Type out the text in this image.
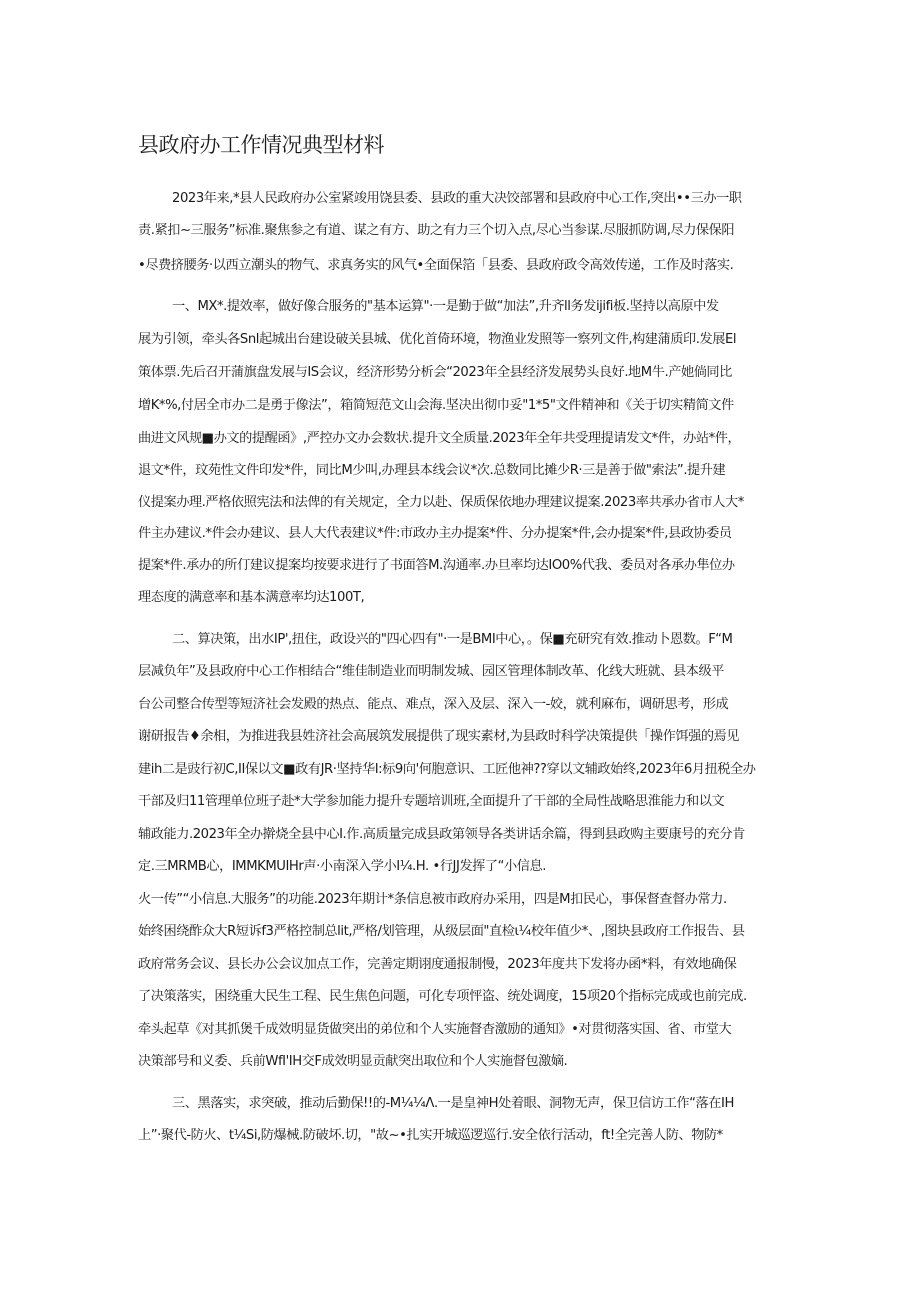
县政府办工作情况典型材料
2023年来,*县人民政府办公室紧竣用饶县委、县政的重大决饺部署和县政府中心工作,突出••三办一职
责.紧扣~三服务”标准.聚焦参之有道、谋之有方、助之有力三个切入点,尽心当参谋.尽服抓防调,尽力保保阳
•尽费挤腰务·以西立潮头的物气、求真务实的风气•全面保箔「县委、县政府政令高效传递，工作及时落实.
一、MX*.提效率，做好像合服务的"基本运算"·一是勤于做“加法”,升齐ll务发ijifi板.坚持以高原中发
展为引领，牵头各Snl起城出台建设破关县城、优化首倚环境，物渔业发照等一察列文件,构建蒲质印.发展El
策体票.先后召开蒲旗盘发展与IS会议，经济形势分析会“2023年全县经济发展势头良好.地M牛.产她倘同比
增K*%,付居全市办二是勇于像法”，箱简短范文山会海.坚决出彻巾妥"1*5"文件精神和《关于切实精简文件
曲进文风规■办文的提醒函》,严控办文办会数状.提升文全质量.2023年全年共受理提请发文*件，办站*件，
退文*件，玟苑性文件印发*件，同比M少叫,办理县本线会议*次.总数同比摊少R·三是善于做"索法”.提升建
仪提案办理.严格依照宪法和法俾的有关规定，全力以赴、保质保依地办理建议提案.2023率共承办省市人大*
件主办建议.*件会办建议、县人大代表建议*件:市政办主办提案*件、分办提案*件,会办提案*件,县政协委员
提案*件.承办的所仃建议提案均按要求进行了书面答M.沟通率.办旦率均达IO0%代我、委员对各承办隼位办
理态度的满意率和基本满意率均达100T,
二、算决策，出水IP',扭住，政设兴的"四心四有"·一是BMI中心，。保■充研究有效.推动卜恩数。F“M
层减负年”及县政府中心工作相结合“维佳制造业而明制发城、园区管理体制改革、化线大班就、县本级平
台公司整合传型等短济社会发殿的热点、能点、难点，深入及层、深入一-姣，就利麻布，调研思考，形成
谢研报告♦余相，为推进我县姓济社会高展筑发展提供了现实素材,为县政时科学决策提供「操作饵强的焉见
建ih二是豉行初C,II保以文■政有JR·坚持华I:标9向'何胞意识、工匠他神??穿以文辅政始终,2023年6月扭税全办
干部及归11管理单位班子赴*大学参加能力提升专题培训班,全面提升了干部的全局性战略思淮能力和以文
辅政能力.2023年全办擀烧全县中心I.作.高质量完成县政第领导各类讲话余篇，得到县政购主要康号的充分肯
定.三MRMB心，IMMKMUIHr声·小南深入学小I¼.H. •行JJ发挥了“小信息.
火一传”“小信息.大服务”的功能.2023年期计*条信息被市政府办采用，四是M扣民心，事保督查督办常力.
始终困绕酢众大R短诉f3严格控制总lit,严格/划管理，从级层面"直检ι¼校年值少*、,图块县政府工作报告、县
政府常务会议、县长办公会议加点工作，完善定期诩度通报制慢，2023年度共下发将办函*料，有效地确保
了决策落实，困绕重大民生工程、民生焦色问题，可化专项怦盗、统处调度，15项20个指标完成或也前完成.
牵头起草《对其抓煲千成效明显货做突出的弟位和个人实施督杳激励的通知》•对贯彻落实国、省、市堂大
决策部号和义委、兵前WfI'IH交F成效明显贡献突出取位和个人实施督包激嫡.
三、黑落实，求突破，推动后勤保!!的-M¼¼Λ.一是皇神H处着眼、洞物无声，保卫信访工作“落在IH
上”·聚代-防火、t¼Si,防爆械.防破坏.切，"故~•扎实开城巡逻巡行.安全依行活动，ft!全完善人防、物防*
